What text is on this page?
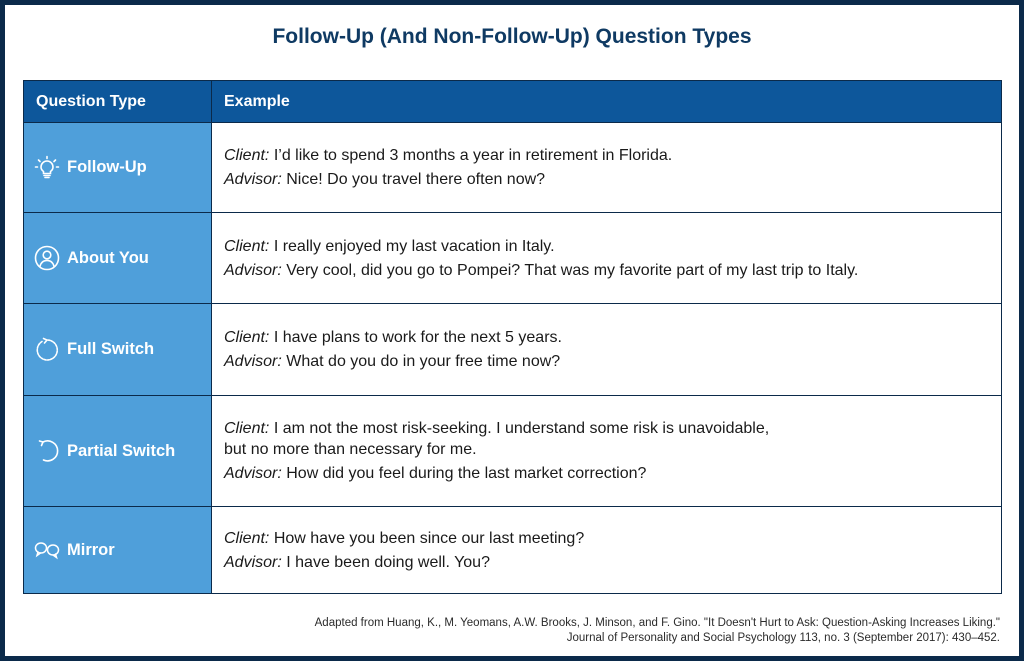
Follow-Up (And Non-Follow-Up) Question Types
Question Type	Example

Follow-Up	Client: I’d like to spend 3 months a year in retirement in Florida.
Advisor: Nice! Do you travel there often now?

About You	Client: I really enjoyed my last vacation in Italy.
Advisor: Very cool, did you go to Pompei? That was my favorite part of my last trip to Italy.

Full Switch	Client: I have plans to work for the next 5 years.
Advisor: What do you do in your free time now?

Partial Switch	Client: I am not the most risk-seeking. I understand some risk is unavoidable,
but no more than necessary for me.
Advisor: How did you feel during the last market correction?

Mirror	Client: How have you been since our last meeting?
Advisor: I have been doing well. You?
Adapted from Huang, K., M. Yeomans, A.W. Brooks, J. Minson, and F. Gino. "It Doesn't Hurt to Ask: Question-Asking Increases Liking."
Journal of Personality and Social Psychology 113, no. 3 (September 2017): 430–452.
